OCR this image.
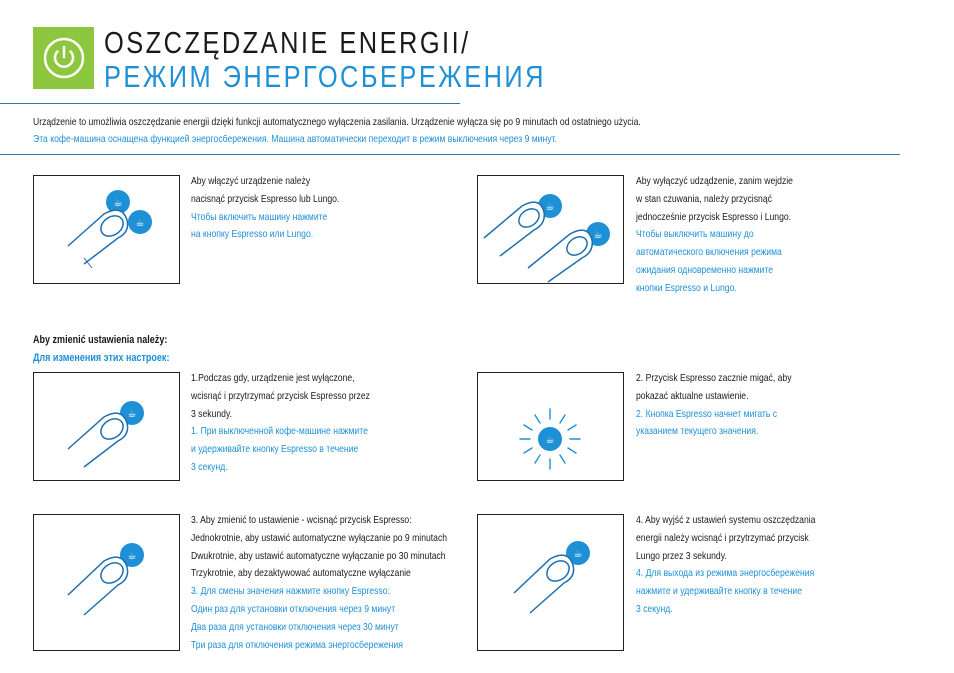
OSZCZĘDZANIE ENERGII/
РЕЖИМ ЭНЕРГОСБЕРЕЖЕНИЯ
Urządzenie to umożliwia oszczędzanie energii dzięki funkcji automatycznego wyłączenia zasilania. Urządzenie wyłącza się po 9 minutach od ostatniego użycia.
Эта кофе-машина оснащена функцией энергосбережения. Машина автоматически переходит в режим выключения через 9 минут.
☕
☕
Aby włączyć urządzenie należy
nacisnąć przycisk Espresso lub Lungo.
Чтобы включить машину нажмите
на кнопку Espresso или Lungo.
☕
☕
Aby wyłączyć udządzenie, zanim wejdzie
w stan czuwania, należy przycisnąć
jednocześnie przycisk Espresso i Lungo.
Чтобы выключить машину до
автоматического включения режима
ожидания одновременно нажмите
кнопки Espresso и Lungo.
Aby zmienić ustawienia należy:
Для изменения этих настроек:
☕
1.Podczas gdy, urządzenie jest wyłączone,
wcisnąć i przytrzymać przycisk Espresso przez
3 sekundy.
1. При выключенной кофе-машине нажмите
и удерживайте кнопку Espresso в течение
3 секунд.
☕
2. Przycisk Espresso zacznie migać, aby
pokazać aktualne ustawienie.
2. Кнопка Espresso начнет мигать с
указанием текущего значения.
☕
3. Aby zmienić to ustawienie - wcisnąć przycisk Espresso:
Jednokrotnie, aby ustawić automatyczne wyłączanie po 9 minutach
Dwukrotnie, aby ustawić automatyczne wyłączanie po 30 minutach
Trzykrotnie, aby dezaktywować automatyczne wyłączanie
3. Для смены значения нажмите кнопку Espresso:
Один раз для установки отключения через 9 минут
Два раза для установки отключения через 30 минут
Три раза для отключения режима энергосбережения
☕
4. Aby wyjść z ustawień systemu oszczędzania
energii należy wcisnąć i przytrzymać przycisk
Lungo przez 3 sekundy.
4. Для выхода из режима энергосбережения
нажмите и удерживайте кнопку в течение
3 секунд.
